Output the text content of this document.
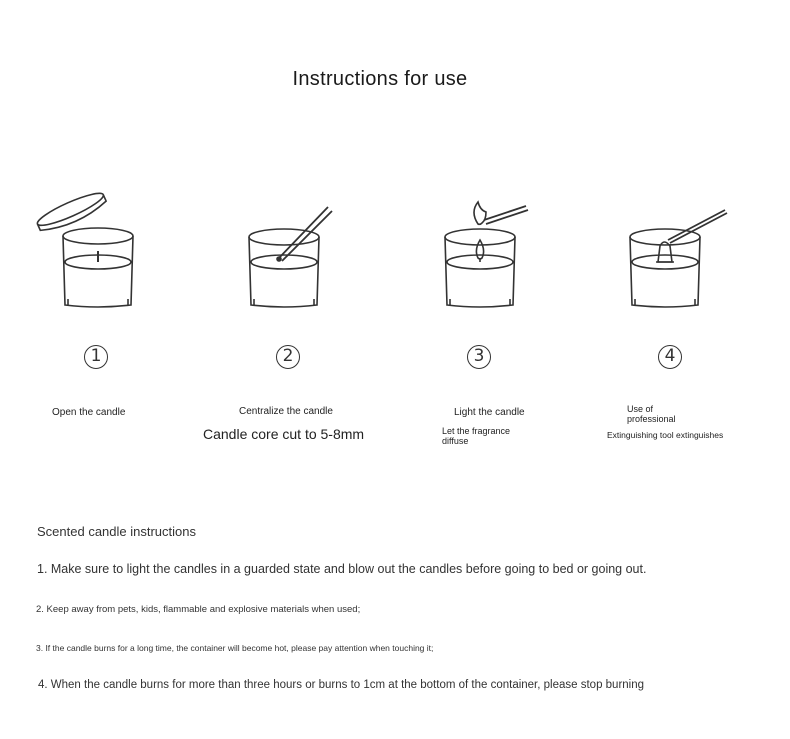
Instructions for use
1	2	3	4
Open the candle	Centralize the candle
Candle core cut to 5-8mm
Light the candle
Let the fragrance diffuse
Use of professional
Extinguishing tool extinguishes
Scented candle instructions
1. Make sure to light the candles in a guarded state and blow out the candles before going to bed or going out.
2. Keep away from pets, kids, flammable and explosive materials when used;
3. If the candle burns for a long time, the container will become hot, please pay attention when touching it;
4. When the candle burns for more than three hours or burns to 1cm at the bottom of the container, please stop burning
